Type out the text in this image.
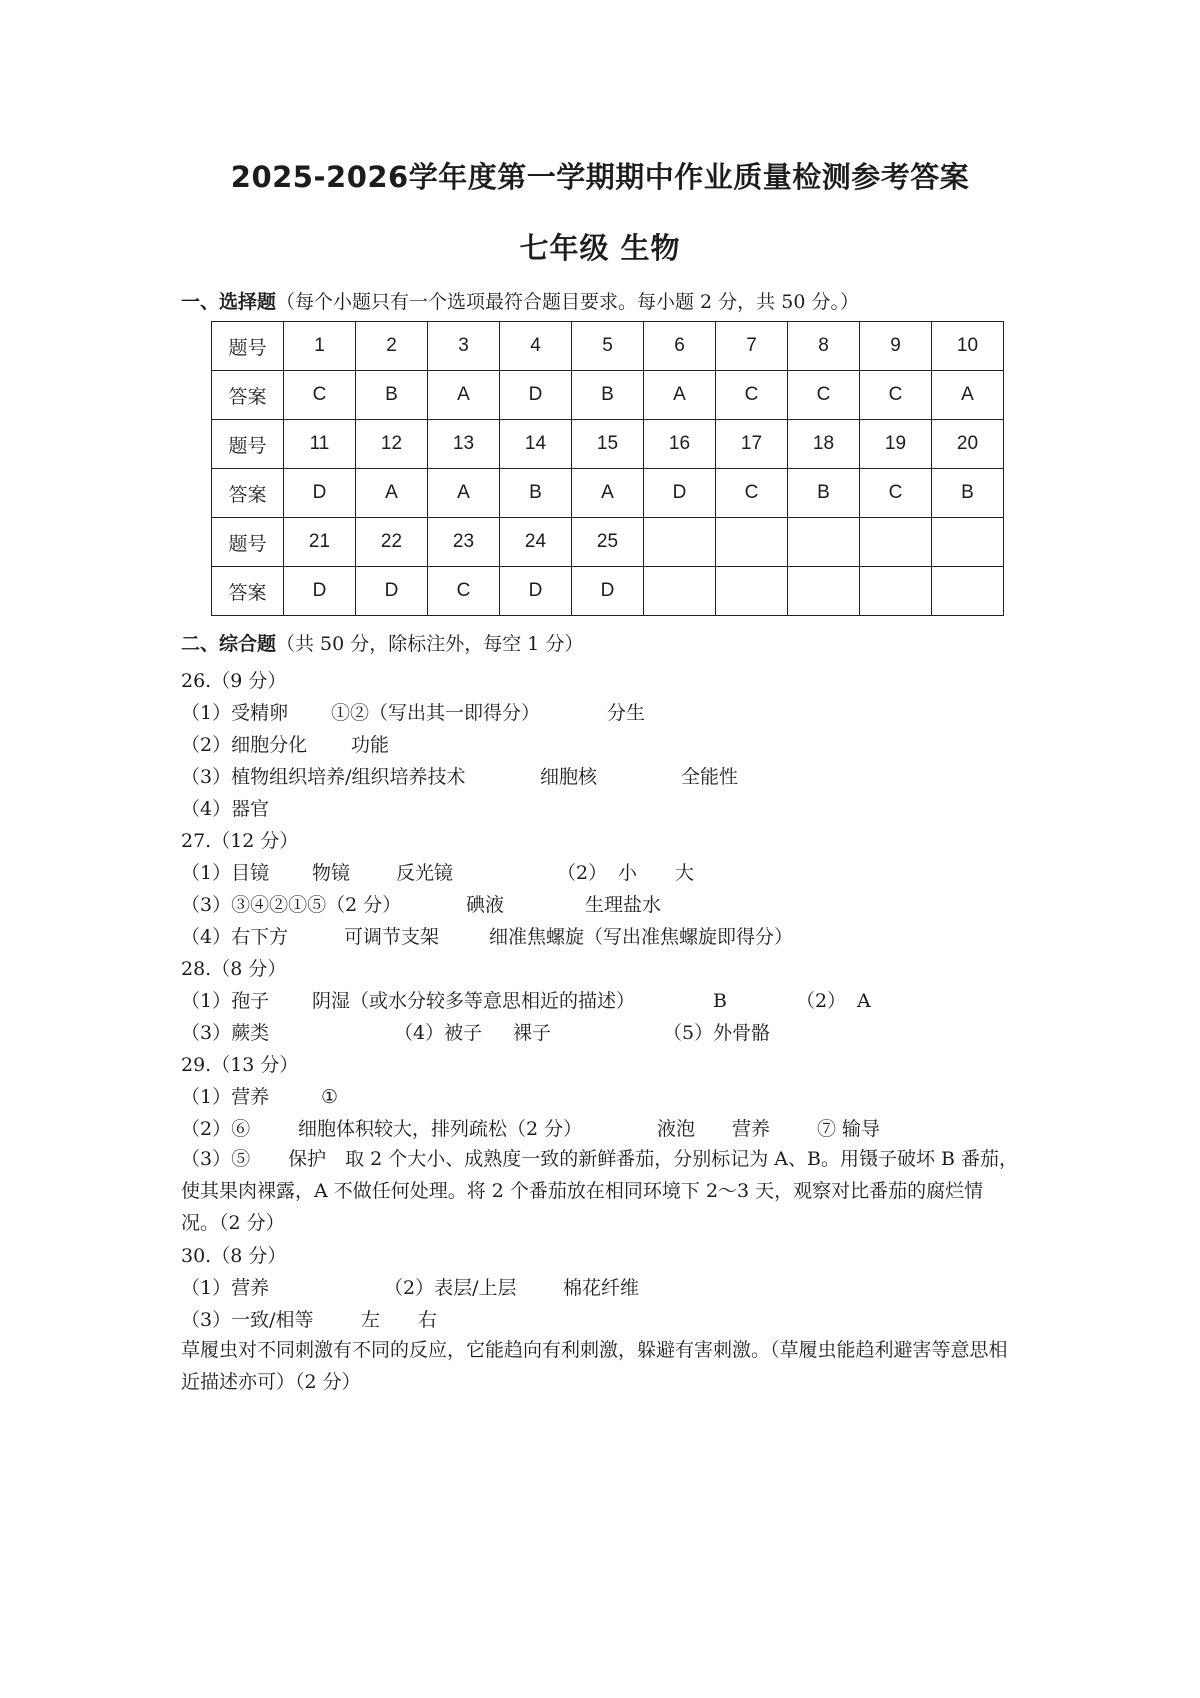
2025-2026学年度第一学期期中作业质量检测参考答案
七年级 生物
一、选择题（每个小题只有一个选项最符合题目要求。每小题 2 分，共 50 分。）
题号	1	2	3	4	5	6	7	8	9	10
答案	C	B	A	D	B	A	C	C	C	A
题号	11	12	13	14	15	16	17	18	19	20
答案	D	A	A	B	A	D	C	B	C	B
题号	21	22	23	24	25					
答案	D	D	C	D	D					
二、综合题（共 50 分，除标注外，每空 1 分）
26.（9 分）
（1）受精卵 ①②（写出其一即得分）	分生
（2）细胞分化 功能
（3）植物组织培养/组织培养技术	细胞核	全能性
（4）器官
27.（12 分）
（1）目镜 物镜 反光镜	（2） 小 大
（3）③④②①⑤（2 分）	碘液	生理盐水
（4）右下方	可调节支架	细准焦螺旋（写出准焦螺旋即得分）
28.（8 分）
（1）孢子 阴湿（或水分较多等意思相近的描述）	B	（2） A
（3）蕨类	（4）被子 裸子	（5）外骨骼
29.（13 分）
（1）营养	①
（2）⑥	细胞体积较大，排列疏松（2 分）	液泡 营养 ⑦ 输导
（3）⑤　　保护　取 2 个大小、成熟度一致的新鲜番茄，分别标记为 A、B。用镊子破坏 B 番茄，使其果肉裸露，A 不做任何处理。将 2 个番茄放在相同环境下 2～3 天，观察对比番茄的腐烂情况。（2 分）
30.（8 分）
（1）营养	（2）表层/上层 棉花纤维
（3）一致/相等	左 右
草履虫对不同刺激有不同的反应，它能趋向有利刺激，躲避有害刺激。（草履虫能趋利避害等意思相近描述亦可）（2 分）
